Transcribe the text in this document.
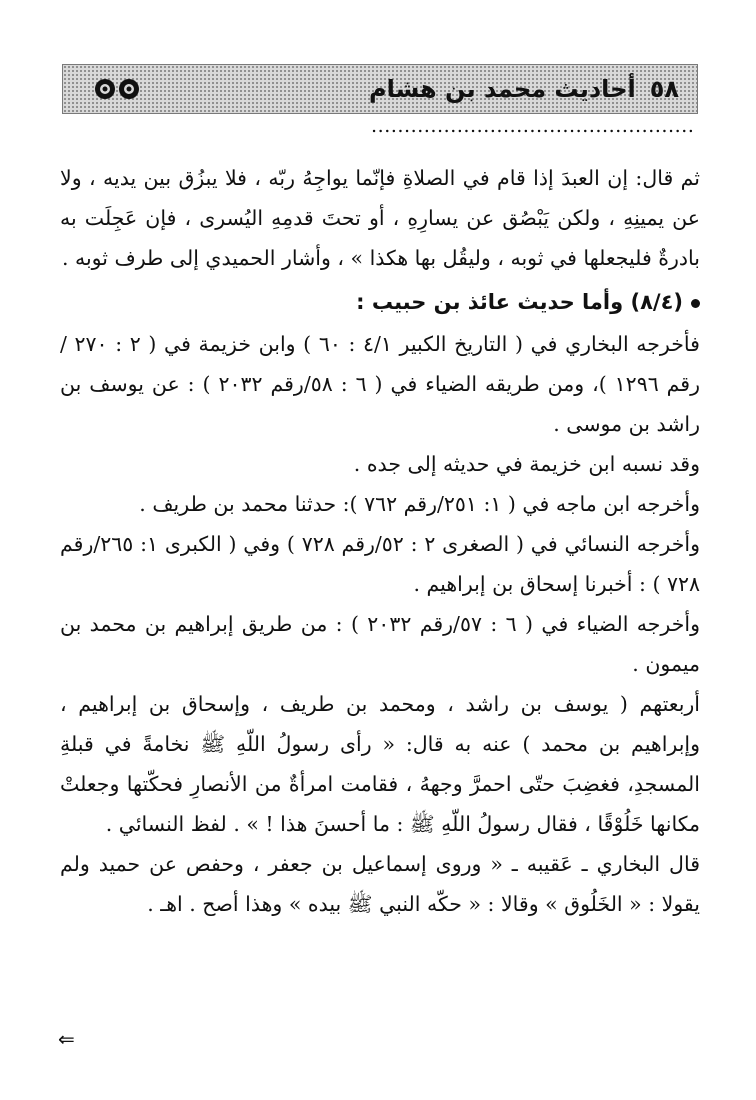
٥٨أحاديث محمد بن هشام

ثم قال: إن العبدَ إذا قام في الصلاةِ فإنّما يواجِهُ ربّه ، فلا يبزُق بين يديه ، ولا عن يمينِهِ ، ولكن يَبْصُق عن يسارِهِ ، أو تحتَ قدمِهِ اليُسرى ، فإن عَجِلَت به بادرةٌ فليجعلها في ثوبه ، وليقُل بها هكذا » ، وأشار الحميدي إلى طرف ثوبه .

(٨/٤) وأما حديث عائذ بن حبيب :

فأخرجه البخاري في ( التاريخ الكبير ٤/١ : ٦٠ ) وابن خزيمة في ( ٢ : ٢٧٠ / رقم ١٢٩٦ )، ومن طريقه الضياء في ( ٦ : ٥٨/رقم ٢٠٣٢ ) : عن يوسف بن راشد بن موسى .

وقد نسبه ابن خزيمة في حديثه إلى جده .

وأخرجه ابن ماجه في ( ١: ٢٥١/رقم ٧٦٢ ): حدثنا محمد بن طريف .

وأخرجه النسائي في ( الصغرى ٢ : ٥٢/رقم ٧٢٨ ) وفي ( الكبرى ١: ٢٦٥/رقم ٧٢٨ ) : أخبرنا إسحاق بن إبراهيم .

وأخرجه الضياء في ( ٦ : ٥٧/رقم ٢٠٣٢ ) : من طريق إبراهيم بن محمد بن ميمون .

أربعتهم ( يوسف بن راشد ، ومحمد بن طريف ، وإسحاق بن إبراهيم ، وإبراهيم بن محمد ) عنه به قال: « رأى رسولُ اللّهِ ﷺ نخامةً في قبلةِ المسجدِ، فغضِبَ حتّى احمرَّ وجههُ ، فقامت امرأةٌ من الأنصارِ فحكّتها وجعلتْ مكانها خَلُوْقًا ، فقال رسولُ اللّهِ ﷺ : ما أحسنَ هذا ! » . لفظ النسائي .

قال البخاري ـ عَقيبه ـ « وروى إسماعيل بن جعفر ، وحفص عن حميد ولم يقولا : « الخَلُوق » وقالا : « حكّه النبي ﷺ بيده » وهذا أصح . اهـ .

⇐
